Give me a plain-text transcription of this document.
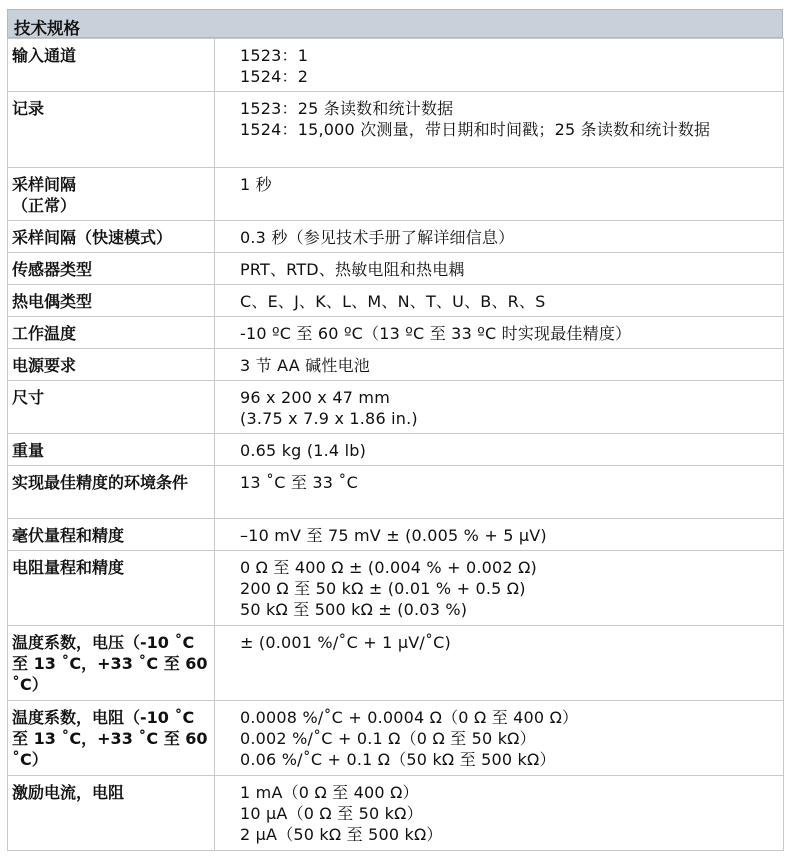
技术规格
输入通道	1523：1
1524：2

记录	1523：25 条读数和统计数据
1524：15,000 次测量，带日期和时间戳；25 条读数和统计数据

采样间隔
（正常）	1 秒

采样间隔（快速模式）	0.3 秒（参见技术手册了解详细信息）

传感器类型	PRT、RTD、热敏电阻和热电耦

热电偶类型	C、E、J、K、L、M、N、T、U、B、R、S

工作温度	-10 ºC 至 60 ºC（13 ºC 至 33 ºC 时实现最佳精度）

电源要求	3 节 AA 碱性电池

尺寸	96 x 200 x 47 mm
(3.75 x 7.9 x 1.86 in.)

重量	0.65 kg (1.4 lb)

实现最佳精度的环境条件	13 ˚C 至 33 ˚C

毫伏量程和精度	–10 mV 至 75 mV ± (0.005 % + 5 µV)

电阻量程和精度	0 Ω 至 400 Ω ± (0.004 % + 0.002 Ω)
200 Ω 至 50 kΩ ± (0.01 % + 0.5 Ω)
50 kΩ 至 500 kΩ ± (0.03 %)

温度系数，电压（-10 ˚C 至 13 ˚C，+33 ˚C 至 60 ˚C）	± (0.001 %/˚C + 1 µV/˚C)

温度系数，电阻（-10 ˚C 至 13 ˚C，+33 ˚C 至 60 ˚C）	0.0008 %/˚C + 0.0004 Ω（0 Ω 至 400 Ω）
0.002 %/˚C + 0.1 Ω（0 Ω 至 50 kΩ）
0.06 %/˚C + 0.1 Ω（50 kΩ 至 500 kΩ）

激励电流，电阻	1 mA（0 Ω 至 400 Ω）
10 µA（0 Ω 至 50 kΩ）
2 µA（50 kΩ 至 500 kΩ）
